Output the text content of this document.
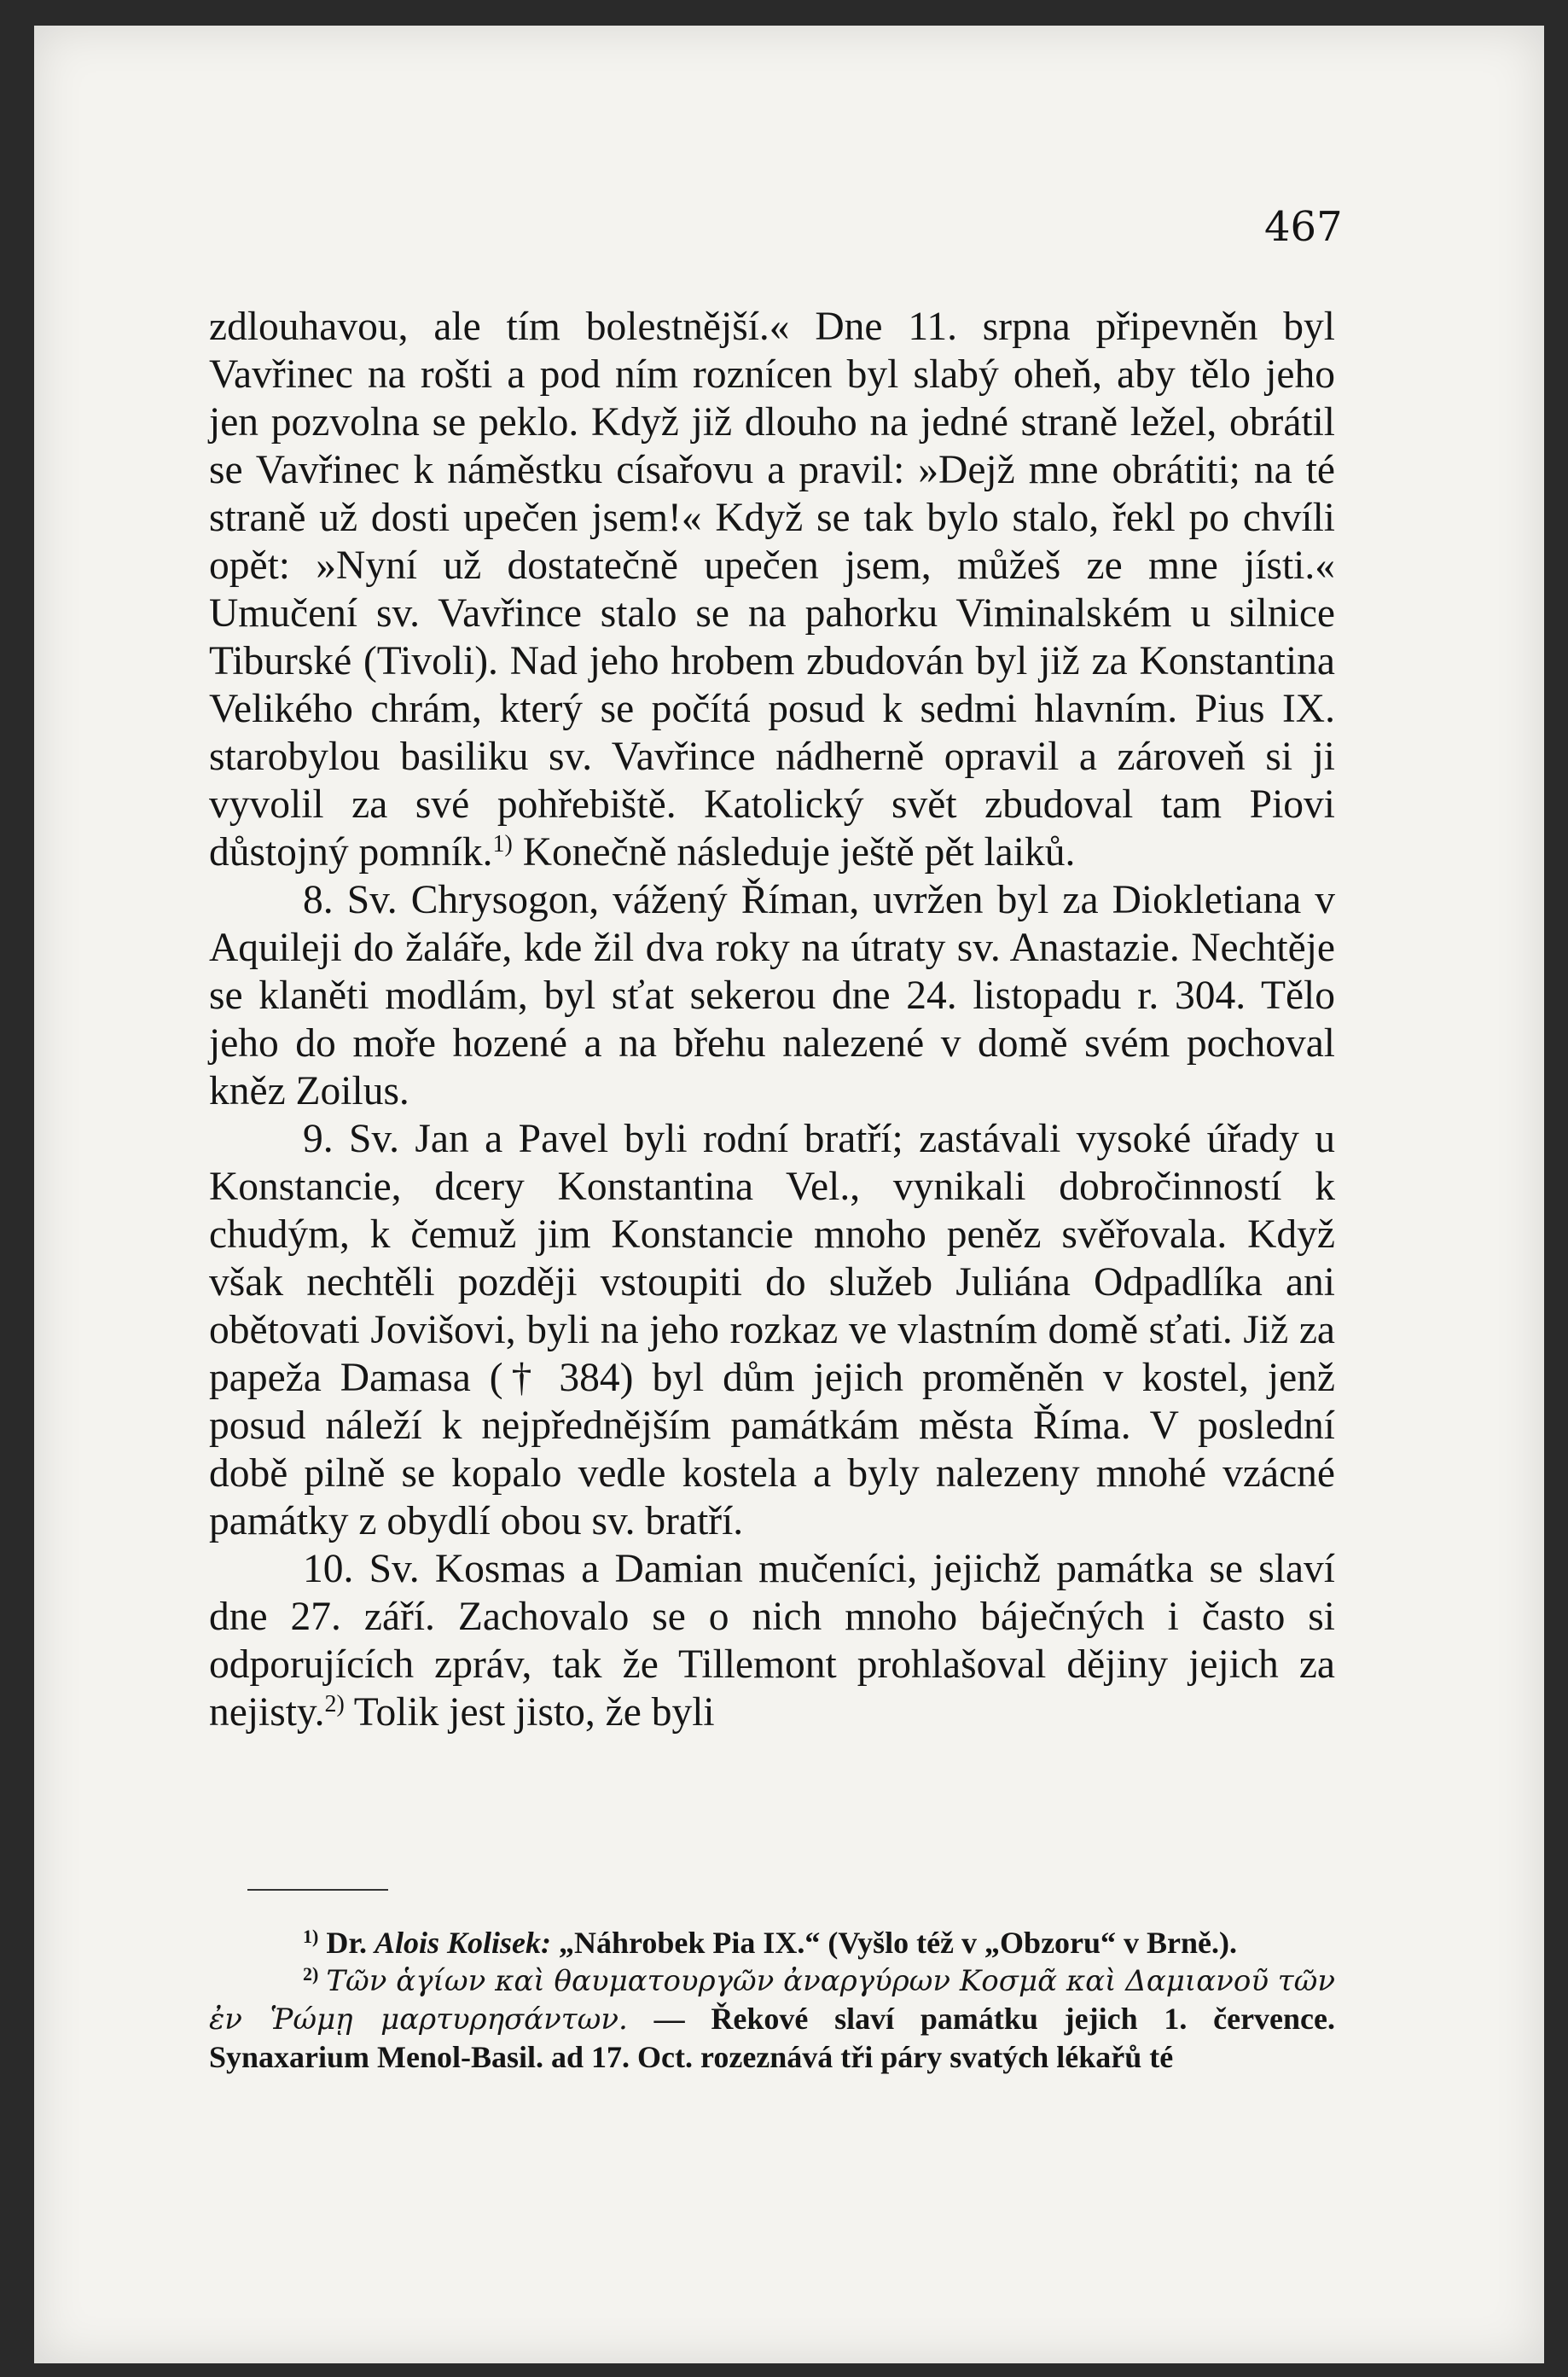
467

zdlouhavou, ale tím bolestnější.« Dne 11. srpna připevněn byl Vavřinec na rošti a pod ním roznícen byl slabý oheň, aby tělo jeho jen pozvolna se peklo. Když již dlouho na jedné straně ležel, obrátil se Vavřinec k náměstku císařovu a pravil: »Dejž mne obrátiti; na té straně už dosti upečen jsem!« Když se tak bylo stalo, řekl po chvíli opět: »Nyní už dostatečně upečen jsem, můžeš ze mne jísti.« Umučení sv. Vavřince stalo se na pahorku Viminalském u silnice Tiburské (Tivoli). Nad jeho hrobem zbudován byl již za Konstantina Velikého chrám, který se počítá posud k sedmi hlavním. Pius IX. starobylou basiliku sv. Vavřince nádherně opravil a zároveň si ji vyvolil za své pohřebiště. Katolický svět zbudoval tam Piovi důstojný pomník.$^{1)}$ Konečně následuje ještě pět laiků.

8. Sv. Chrysogon, vážený Říman, uvržen byl za Diokletiana v Aquileji do žaláře, kde žil dva roky na útraty sv. Anastazie. Nechtěje se klaněti modlám, byl sťat sekerou dne 24. listopadu r. 304. Tělo jeho do moře hozené a na břehu nalezené v domě svém pochoval kněz Zoilus.

9. Sv. Jan a Pavel byli rodní bratří; zastávali vysoké úřady u Konstancie, dcery Konstantina Vel., vynikali dobročinností k chudým, k čemuž jim Konstancie mnoho peněz svěřovala. Když však nechtěli později vstoupiti do služeb Juliána Odpadlíka ani obětovati Jovišovi, byli na jeho rozkaz ve vlastním domě sťati. Již za papeža Damasa († 384) byl dům jejich proměněn v kostel, jenž posud náleží k nejpřednějším památkám města Říma. V poslední době pilně se kopalo vedle kostela a byly nalezeny mnohé vzácné památky z obydlí obou sv. bratří.

10. Sv. Kosmas a Damian mučeníci, jejichž památka se slaví dne 27. září. Zachovalo se o nich mnoho báječných i často si odporujících zpráv, tak že Tillemont prohlašoval dějiny jejich za nejisty.$^{2)}$ Tolik jest jisto, že byli

$^{1)}$ Dr. Alois Kolisek: „Náhrobek Pia IX.“ (Vyšlo též v „Obzoru“ v Brně.).

$^{2)}$ Τῶν ἁγίων καὶ θαυματουργῶν ἀναργύρων Κοσμᾶ καὶ Δαμιανοῦ τῶν ἐν Ῥώμῃ μαρτυρησάντων. — Řekové slaví památku jejich 1. července. Synaxarium Menol-Basil. ad 17. Oct. rozeznává tři páry svatých lékařů té
